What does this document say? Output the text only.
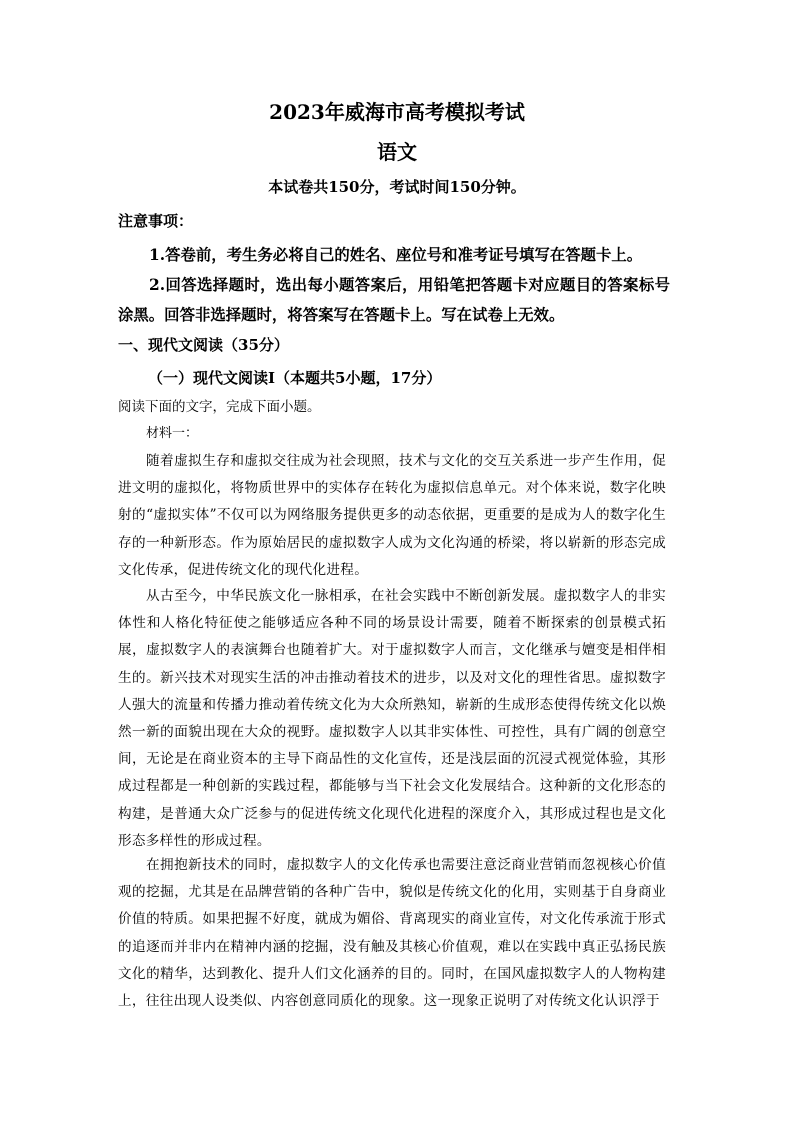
2023年威海市高考模拟考试
语文
本试卷共150分，考试时间150分钟。
注意事项：
1.答卷前，考生务必将自己的姓名、座位号和准考证号填写在答题卡上。
2.回答选择题时，选出每小题答案后，用铅笔把答题卡对应题目的答案标号涂黑。回答非选择题时，将答案写在答题卡上。写在试卷上无效。
一、现代文阅读（35分）
（一）现代文阅读Ⅰ（本题共5小题，17分）
阅读下面的文字，完成下面小题。
材料一：
随着虚拟生存和虚拟交往成为社会现照，技术与文化的交互关系进一步产生作用，促进文明的虚拟化，将物质世界中的实体存在转化为虚拟信息单元。对个体来说，数字化映射的“虚拟实体”不仅可以为网络服务提供更多的动态依据，更重要的是成为人的数字化生存的一种新形态。作为原始居民的虚拟数字人成为文化沟通的桥梁，将以崭新的形态完成文化传承，促进传统文化的现代化进程。
从古至今，中华民族文化一脉相承，在社会实践中不断创新发展。虚拟数字人的非实体性和人格化特征使之能够适应各种不同的场景设计需要，随着不断探索的创景模式拓展，虚拟数字人的表演舞台也随着扩大。对于虚拟数字人而言，文化继承与嬗变是相伴相生的。新兴技术对现实生活的冲击推动着技术的进步，以及对文化的理性省思。虚拟数字人强大的流量和传播力推动着传统文化为大众所熟知，崭新的生成形态使得传统文化以焕然一新的面貌出现在大众的视野。虚拟数字人以其非实体性、可控性，具有广阔的创意空间，无论是在商业资本的主导下商品性的文化宣传，还是浅层面的沉浸式视觉体验，其形成过程都是一种创新的实践过程，都能够与当下社会文化发展结合。这种新的文化形态的构建，是普通大众广泛参与的促进传统文化现代化进程的深度介入，其形成过程也是文化形态多样性的形成过程。
在拥抱新技术的同时，虚拟数字人的文化传承也需要注意泛商业营销而忽视核心价值观的挖掘，尤其是在品牌营销的各种广告中，貌似是传统文化的化用，实则基于自身商业价值的特质。如果把握不好度，就成为媚俗、背离现实的商业宣传，对文化传承流于形式的追逐而并非内在精神内涵的挖掘，没有触及其核心价值观，难以在实践中真正弘扬民族文化的精华，达到教化、提升人们文化涵养的目的。同时，在国风虚拟数字人的人物构建上，往往出现人设类似、内容创意同质化的现象。这一现象正说明了对传统文化认识浮于
